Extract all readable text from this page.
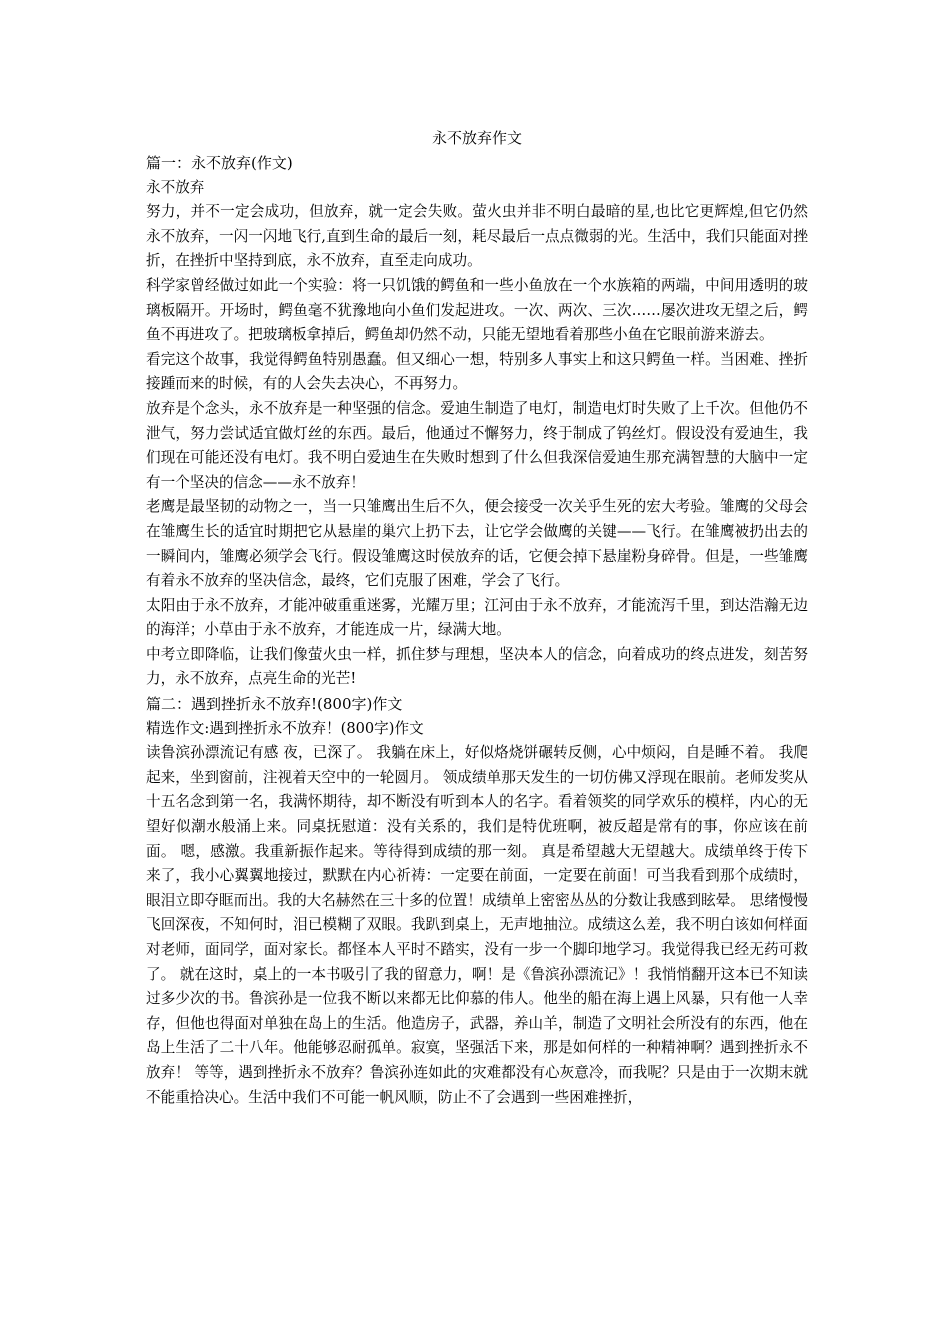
永不放弃作文

篇一：永不放弃(作文)

永不放弃

努力，并不一定会成功，但放弃，就一定会失败。萤火虫并非不明白最暗的星,也比它更辉煌,但它仍然永不放弃，一闪一闪地飞行,直到生命的最后一刻，耗尽最后一点点微弱的光。生活中，我们只能面对挫折，在挫折中坚持到底，永不放弃，直至走向成功。

科学家曾经做过如此一个实验：将一只饥饿的鳄鱼和一些小鱼放在一个水族箱的两端，中间用透明的玻璃板隔开。开场时，鳄鱼毫不犹豫地向小鱼们发起进攻。一次、两次、三次……屡次进攻无望之后，鳄鱼不再进攻了。把玻璃板拿掉后，鳄鱼却仍然不动，只能无望地看着那些小鱼在它眼前游来游去。

看完这个故事，我觉得鳄鱼特别愚蠢。但又细心一想，特别多人事实上和这只鳄鱼一样。当困难、挫折接踵而来的时候，有的人会失去决心，不再努力。

放弃是个念头，永不放弃是一种坚强的信念。爱迪生制造了电灯，制造电灯时失败了上千次。但他仍不泄气，努力尝试适宜做灯丝的东西。最后，他通过不懈努力，终于制成了钨丝灯。假设没有爱迪生，我们现在可能还没有电灯。我不明白爱迪生在失败时想到了什么但我深信爱迪生那充满智慧的大脑中一定有一个坚决的信念——永不放弃！

老鹰是最坚韧的动物之一，当一只雏鹰出生后不久，便会接受一次关乎生死的宏大考验。雏鹰的父母会在雏鹰生长的适宜时期把它从悬崖的巢穴上扔下去，让它学会做鹰的关键——飞行。在雏鹰被扔出去的一瞬间内，雏鹰必须学会飞行。假设雏鹰这时侯放弃的话，它便会掉下悬崖粉身碎骨。但是，一些雏鹰有着永不放弃的坚决信念，最终，它们克服了困难，学会了飞行。

太阳由于永不放弃，才能冲破重重迷雾，光耀万里；江河由于永不放弃，才能流泻千里，到达浩瀚无边的海洋；小草由于永不放弃，才能连成一片，绿满大地。

中考立即降临，让我们像萤火虫一样，抓住梦与理想，坚决本人的信念，向着成功的终点进发，刻苦努力，永不放弃，点亮生命的光芒!

篇二：遇到挫折永不放弃!(800字)作文

精选作文:遇到挫折永不放弃！(800字)作文

读鲁滨孙漂流记有感 夜，已深了。 我躺在床上，好似烙烧饼碾转反侧，心中烦闷，自是睡不着。 我爬起来，坐到窗前，注视着天空中的一轮圆月。 领成绩单那天发生的一切仿佛又浮现在眼前。老师发奖从十五名念到第一名，我满怀期待，却不断没有听到本人的名字。看着领奖的同学欢乐的模样，内心的无望好似潮水般涌上来。同桌抚慰道：没有关系的，我们是特优班啊，被反超是常有的事，你应该在前面。 嗯，感激。我重新振作起来。等待得到成绩的那一刻。 真是希望越大无望越大。成绩单终于传下来了，我小心翼翼地接过，默默在内心祈祷：一定要在前面，一定要在前面！可当我看到那个成绩时，眼泪立即夺眶而出。我的大名赫然在三十多的位置！成绩单上密密丛丛的分数让我感到眩晕。 思绪慢慢飞回深夜，不知何时，泪已模糊了双眼。我趴到桌上，无声地抽泣。成绩这么差，我不明白该如何样面对老师，面同学，面对家长。都怪本人平时不踏实，没有一步一个脚印地学习。我觉得我已经无药可救了。 就在这时，桌上的一本书吸引了我的留意力，啊！是《鲁滨孙漂流记》！我悄悄翻开这本已不知读过多少次的书。鲁滨孙是一位我不断以来都无比仰慕的伟人。他坐的船在海上遇上风暴，只有他一人幸存，但他也得面对单独在岛上的生活。他造房子，武器，养山羊，制造了文明社会所没有的东西，他在岛上生活了二十八年。他能够忍耐孤单。寂寞，坚强活下来，那是如何样的一种精神啊？遇到挫折永不放弃！ 等等，遇到挫折永不放弃？鲁滨孙连如此的灾难都没有心灰意冷，而我呢？只是由于一次期末就不能重拾决心。生活中我们不可能一帆风顺，防止不了会遇到一些困难挫折，
